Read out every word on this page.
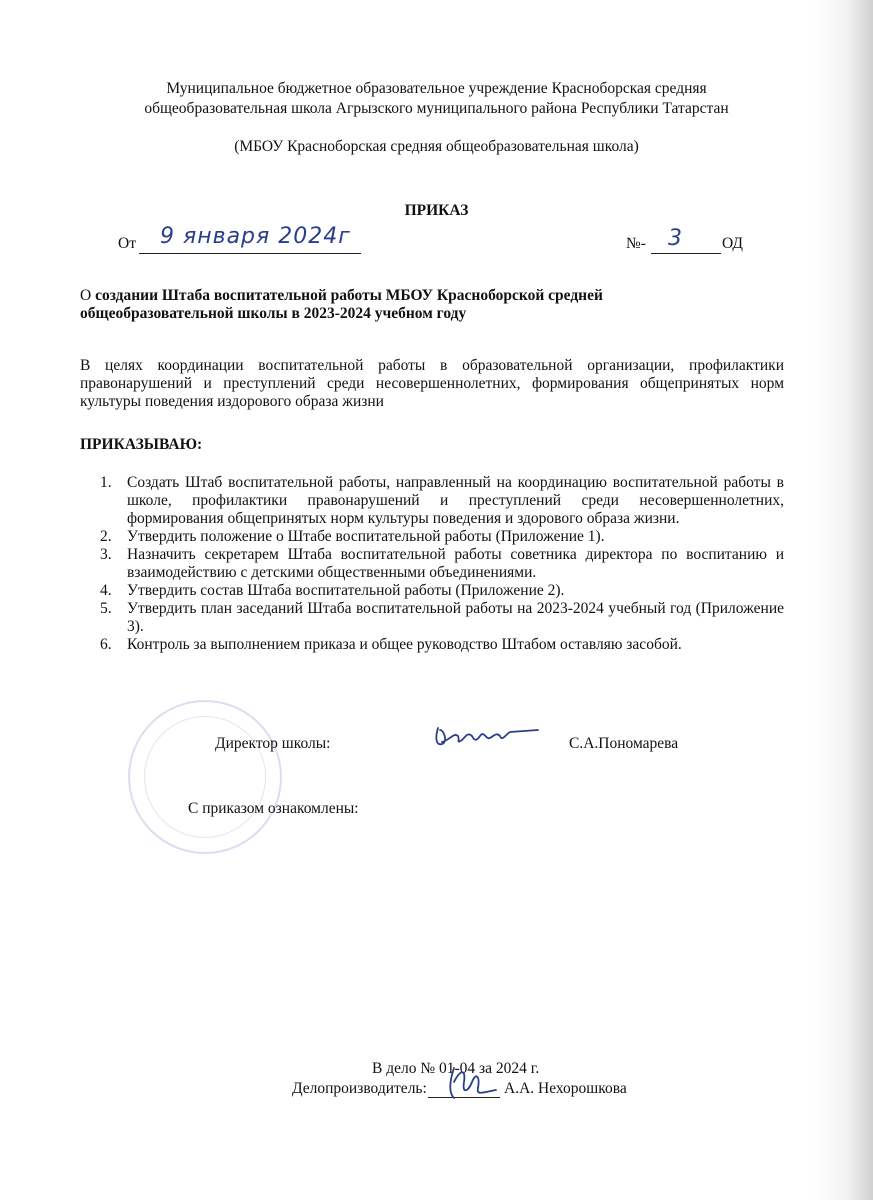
Муниципальное бюджетное образовательное учреждение Красноборская средняя
общеобразовательная школа Агрызского муниципального района Республики Татарстан
(МБОУ Красноборская средняя общеобразовательная школа)
ПРИКАЗ
От 9 января 2024г	№- 3	ОД
О создании Штаба воспитательной работы МБОУ Красноборской средней
общеобразовательной школы в 2023-2024 учебном году
В целях координации воспитательной работы в образовательной организации, профилактики правонарушений и преступлений среди несовершеннолетних, формирования общепринятых норм культуры поведения издорового образа жизни
ПРИКАЗЫВАЮ:
1. Создать Штаб воспитательной работы, направленный на координацию воспитательной работы в школе, профилактики правонарушений и преступлений среди несовершеннолетних, формирования общепринятых норм культуры поведения и здорового образа жизни.
2. Утвердить положение о Штабе воспитательной работы (Приложение 1).
3. Назначить секретарем Штаба воспитательной работы советника директора по воспитанию и взаимодействию с детскими общественными объединениями.
4. Утвердить состав Штаба воспитательной работы (Приложение 2).
5. Утвердить план заседаний Штаба воспитательной работы на 2023-2024 учебный год (Приложение 3).
6. Контроль за выполнением приказа и общее руководство Штабом оставляю засобой.
Директор школы:	С.А.Пономарева
С приказом ознакомлены:
В дело № 01-04 за 2024 г.
Делопроизводитель:	А.А. Нехорошкова
